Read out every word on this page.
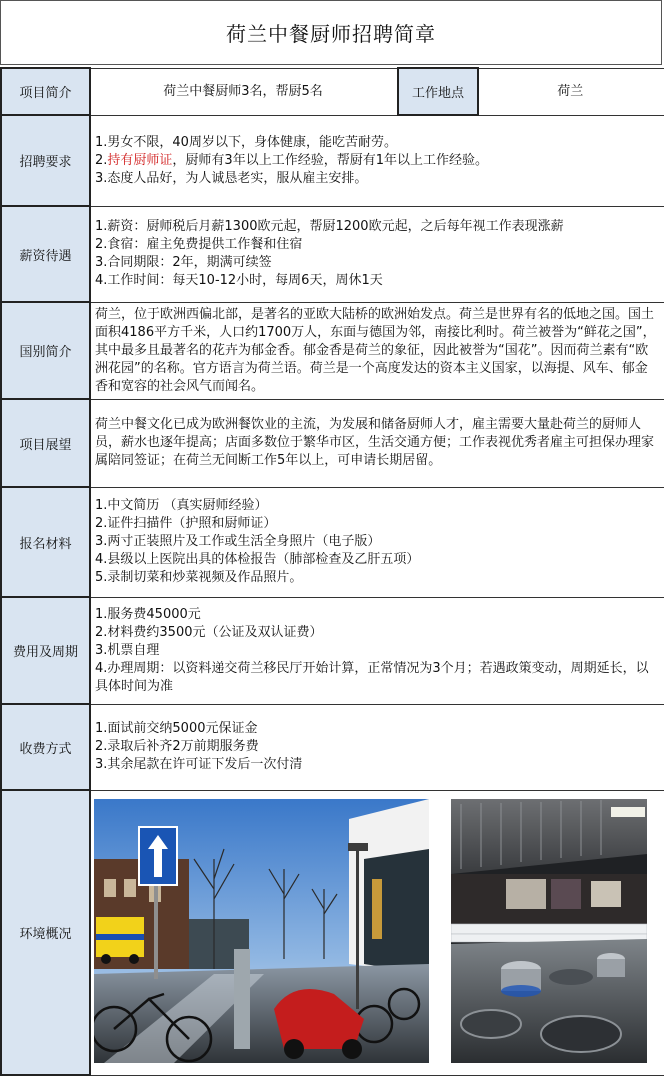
荷兰中餐厨师招聘简章
项目简介	荷兰中餐厨师3名，帮厨5名	工作地点	荷兰
招聘要求	1.男女不限，40周岁以下，身体健康，能吃苦耐劳。
2.持有厨师证，厨师有3年以上工作经验，帮厨有1年以上工作经验。
3.态度人品好，为人诚恳老实，服从雇主安排。		

薪资待遇	1.薪资：厨师税后月薪1300欧元起，帮厨1200欧元起，之后每年视工作表现涨薪
2.食宿：雇主免费提供工作餐和住宿
3.合同期限：2年，期满可续签
4.工作时间：每天10-12小时，每周6天，周休1天		

国别简介	荷兰，位于欧洲西偏北部，是著名的亚欧大陆桥的欧洲始发点。荷兰是世界有名的低地之国。国土面积4186平方千米，人口约1700万人，东面与德国为邻，南接比利时。荷兰被誉为“鲜花之国”，其中最多且最著名的花卉为郁金香。郁金香是荷兰的象征，因此被誉为“国花”。因而荷兰素有“欧洲花园”的名称。官方语言为荷兰语。荷兰是一个高度发达的资本主义国家，以海提、风车、郁金香和宽容的社会风气而闻名。		
项目展望	荷兰中餐文化已成为欧洲餐饮业的主流，为发展和储备厨师人才，雇主需要大量赴荷兰的厨师人员，薪水也逐年提高；店面多数位于繁华市区，生活交通方便；工作表视优秀者雇主可担保办理家属陪同签证；在荷兰无间断工作5年以上，可申请长期居留。		
报名材料	1.中文简历 （真实厨师经验）
2.证件扫描件（护照和厨师证）
3.两寸正装照片及工作或生活全身照片（电子版）
4.县级以上医院出具的体检报告（肺部检查及乙肝五项）
5.录制切菜和炒菜视频及作品照片。		

费用及周期	1.服务费45000元
2.材料费约3500元（公证及双认证费）
3.机票自理
4.办理周期：以资料递交荷兰移民厅开始计算，正常情况为3个月；若遇政策变动，周期延长，以具体时间为准		

收费方式	1.面试前交纳5000元保证金
2.录取后补齐2万前期服务费
3.其余尾款在许可证下发后一次付清		

环境概况	
